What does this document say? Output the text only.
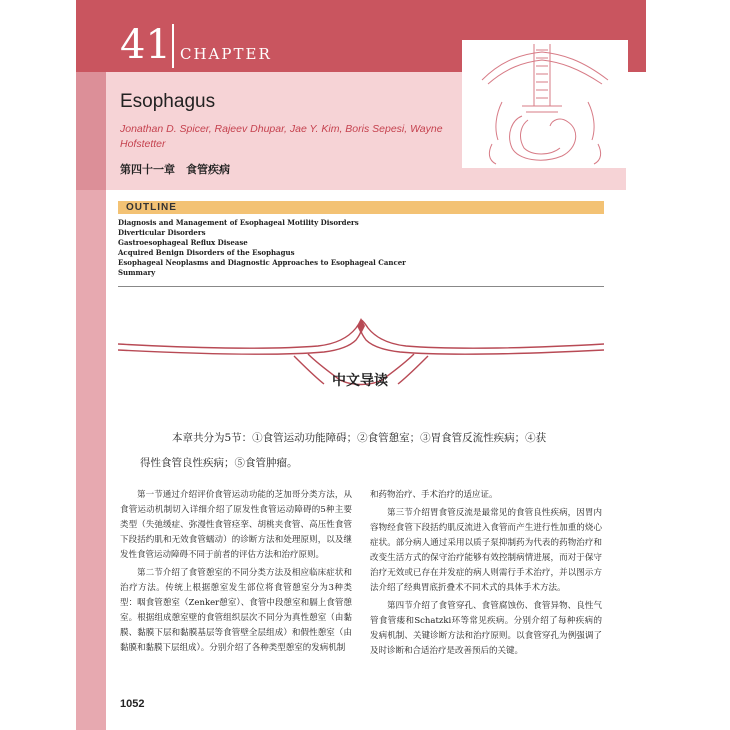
41 CHAPTER
Esophagus
Jonathan D. Spicer, Rajeev Dhupar, Jae Y. Kim, Boris Sepesi, Wayne Hofstetter
第四十一章　食管疾病
OUTLINE
Diagnosis and Management of Esophageal Motility Disorders
Diverticular Disorders
Gastroesophageal Reflux Disease
Acquired Benign Disorders of the Esophagus
Esophageal Neoplasms and Diagnostic Approaches to Esophageal Cancer
Summary
中文导读

本章共分为5节：①食管运动功能障碍；②食管憩室；③胃食管反流性疾病；④获

得性食管良性疾病；⑤食管肿瘤。

第一节通过介绍评价食管运动功能的芝加哥分类方法，从食管运动机制切入详细介绍了原发性食管运动障碍的5种主要类型（失弛缓症、弥漫性食管痉挛、胡桃夹食管、高压性食管下段括约肌和无效食管蠕动）的诊断方法和处理原则，以及继发性食管运动障碍不同于前者的评估方法和治疗原则。

第二节介绍了食管憩室的不同分类方法及相应临床症状和治疗方法。传统上根据憩室发生部位将食管憩室分为3种类型：咽食管憩室（Zenker憩室）、食管中段憩室和膈上食管憩室。根据组成憩室壁的食管组织层次不同分为真性憩室（由黏膜、黏膜下层和黏膜基层等食管壁全层组成）和假性憩室（由黏膜和黏膜下层组成）。分别介绍了各种类型憩室的发病机制

和药物治疗、手术治疗的适应证。

第三节介绍胃食管反流是最常见的食管良性疾病，因胃内容物经食管下段括约肌反流进入食管而产生进行性加重的烧心症状。部分病人通过采用以质子泵抑制药为代表的药物治疗和改变生活方式的保守治疗能够有效控制病情进展，而对于保守治疗无效或已存在并发症的病人则需行手术治疗，并以图示方法介绍了经典胃底折叠术不同术式的具体手术方法。

第四节介绍了食管穿孔、食管腐蚀伤、食管异物、良性气管食管瘘和Schatzki环等常见疾病。分别介绍了每种疾病的发病机制、关键诊断方法和治疗原则。以食管穿孔为例强调了及时诊断和合适治疗是改善预后的关键。

1052
